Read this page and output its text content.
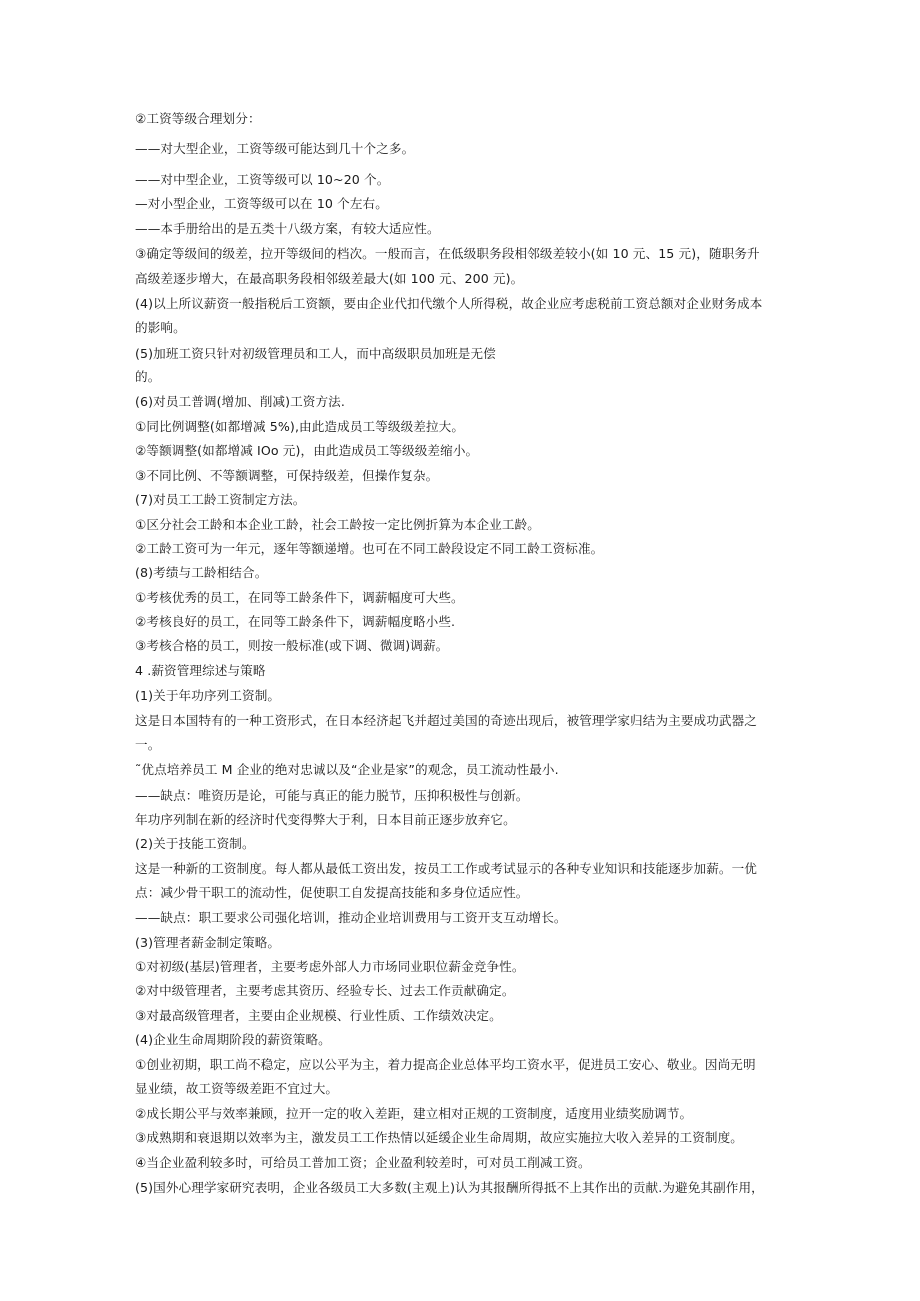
②工资等级合理划分：
——对大型企业，工资等级可能达到几十个之多。
——对中型企业，工资等级可以 10~20 个。
—对小型企业，工资等级可以在 10 个左右。
——本手册给出的是五类十八级方案，有较大适应性。
③确定等级间的级差，拉开等级间的档次。一般而言，在低级职务段相邻级差较小(如 10 元、15 元)，随职务升
高级差逐步增大，在最高职务段相邻级差最大(如 100 元、200 元)。
(4)以上所议薪资一般指税后工资额，要由企业代扣代缴个人所得税，故企业应考虑税前工资总额对企业财务成本
的影响。
(5)加班工资只针对初级管理员和工人，而中高级职员加班是无偿
的。
(6)对员工普调(增加、削减)工资方法.
①同比例调整(如都增减 5%),由此造成员工等级级差拉大。
②等额调整(如都增减 IOo 元)，由此造成员工等级级差缩小。
③不同比例、不等额调整，可保持级差，但操作复杂。
(7)对员工工龄工资制定方法。
①区分社会工龄和本企业工龄，社会工龄按一定比例折算为本企业工龄。
②工龄工资可为一年元，逐年等额递增。也可在不同工龄段设定不同工龄工资标准。
(8)考绩与工龄相结合。
①考核优秀的员工，在同等工龄条件下，调薪幅度可大些。
②考核良好的员工，在同等工龄条件下，调薪幅度略小些.
③考核合格的员工，则按一般标准(或下调、微调)调薪。
4 .薪资管理综述与策略
(1)关于年功序列工资制。
这是日本国特有的一种工资形式，在日本经济起飞并超过美国的奇迹出现后，被管理学家归结为主要成功武器之
一。
˜优点培养员工 M 企业的绝对忠诚以及“企业是家”的观念，员工流动性最小.
——缺点：唯资历是论，可能与真正的能力脱节，压抑积极性与创新。
年功序列制在新的经济时代变得弊大于利，日本目前正逐步放弃它。
(2)关于技能工资制。
这是一种新的工资制度。每人都从最低工资出发，按员工工作或考试显示的各种专业知识和技能逐步加薪。一优
点：减少骨干职工的流动性，促使职工自发提高技能和多身位适应性。
——缺点：职工要求公司强化培训，推动企业培训费用与工资开支互动增长。
(3)管理者薪金制定策略。
①对初级(基层)管理者，主要考虑外部人力市场同业职位薪金竞争性。
②对中级管理者，主要考虑其资历、经验专长、过去工作贡献确定。
③对最高级管理者，主要由企业规模、行业性质、工作绩效决定。
(4)企业生命周期阶段的薪资策略。
①创业初期，职工尚不稳定，应以公平为主，着力提高企业总体平均工资水平，促进员工安心、敬业。因尚无明
显业绩，故工资等级差距不宜过大。
②成长期公平与效率兼顾，拉开一定的收入差距，建立相对正规的工资制度，适度用业绩奖励调节。
③成熟期和衰退期以效率为主，激发员工工作热情以延缓企业生命周期，故应实施拉大收入差异的工资制度。
④当企业盈利较多时，可给员工普加工资；企业盈利较差时，可对员工削减工资。
(5)国外心理学家研究表明，企业各级员工大多数(主观上)认为其报酬所得抵不上其作出的贡献.为避免其副作用，
